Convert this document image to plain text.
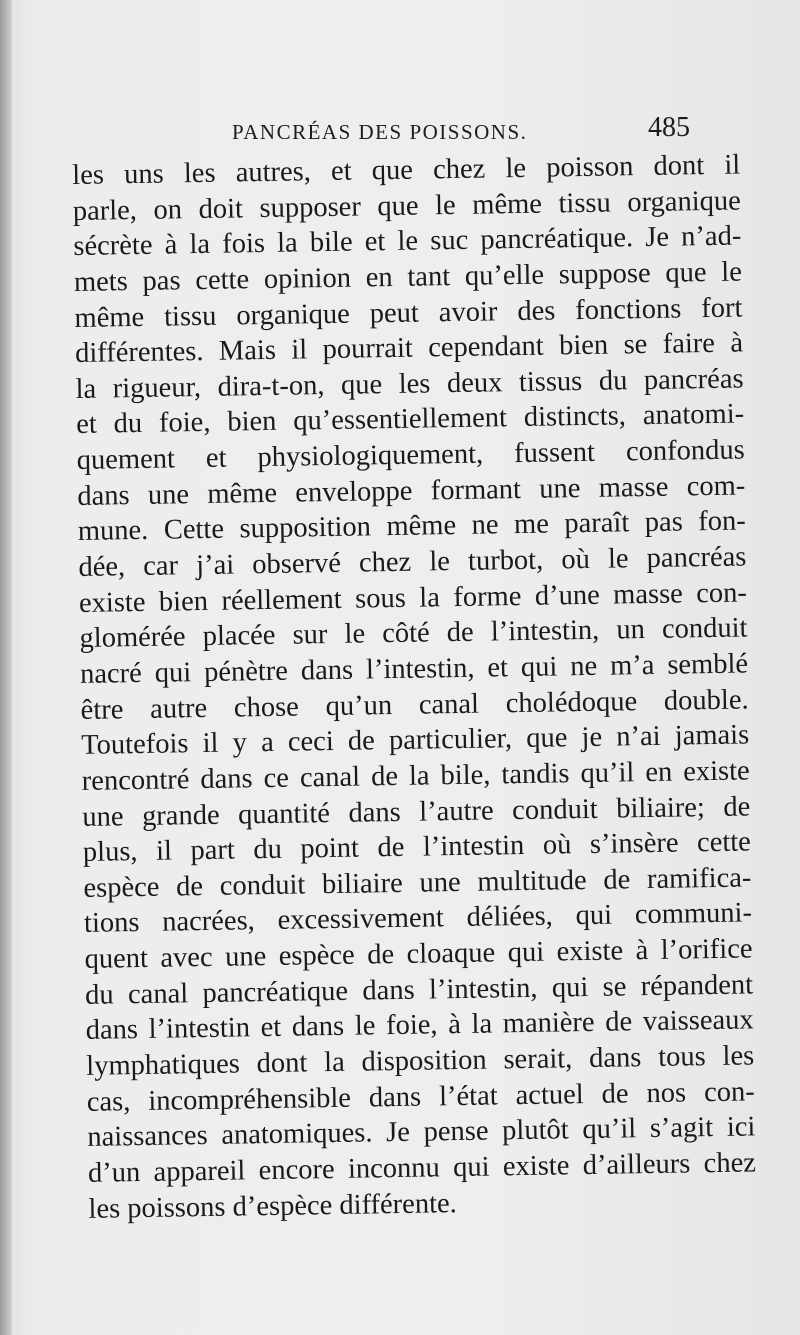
PANCRÉAS DES POISSONS.	485
les uns les autres, et que chez le poisson dont il
parle, on doit supposer que le même tissu organique
sécrète à la fois la bile et le suc pancréatique. Je n’ad-
mets pas cette opinion en tant qu’elle suppose que le
même tissu organique peut avoir des fonctions fort
différentes. Mais il pourrait cependant bien se faire à
la rigueur, dira-t-on, que les deux tissus du pancréas
et du foie, bien qu’essentiellement distincts, anatomi-
quement et physiologiquement, fussent confondus
dans une même enveloppe formant une masse com-
mune. Cette supposition même ne me paraît pas fon-
dée, car j’ai observé chez le turbot, où le pancréas
existe bien réellement sous la forme d’une masse con-
glomérée placée sur le côté de l’intestin, un conduit
nacré qui pénètre dans l’intestin, et qui ne m’a semblé
être autre chose qu’un canal cholédoque double.
Toutefois il y a ceci de particulier, que je n’ai jamais
rencontré dans ce canal de la bile, tandis qu’il en existe
une grande quantité dans l’autre conduit biliaire; de
plus, il part du point de l’intestin où s’insère cette
espèce de conduit biliaire une multitude de ramifica-
tions nacrées, excessivement déliées, qui communi-
quent avec une espèce de cloaque qui existe à l’orifice
du canal pancréatique dans l’intestin, qui se répandent
dans l’intestin et dans le foie, à la manière de vaisseaux
lymphatiques dont la disposition serait, dans tous les
cas, incompréhensible dans l’état actuel de nos con-
naissances anatomiques. Je pense plutôt qu’il s’agit ici
d’un appareil encore inconnu qui existe d’ailleurs chez
les poissons d’espèce différente.
